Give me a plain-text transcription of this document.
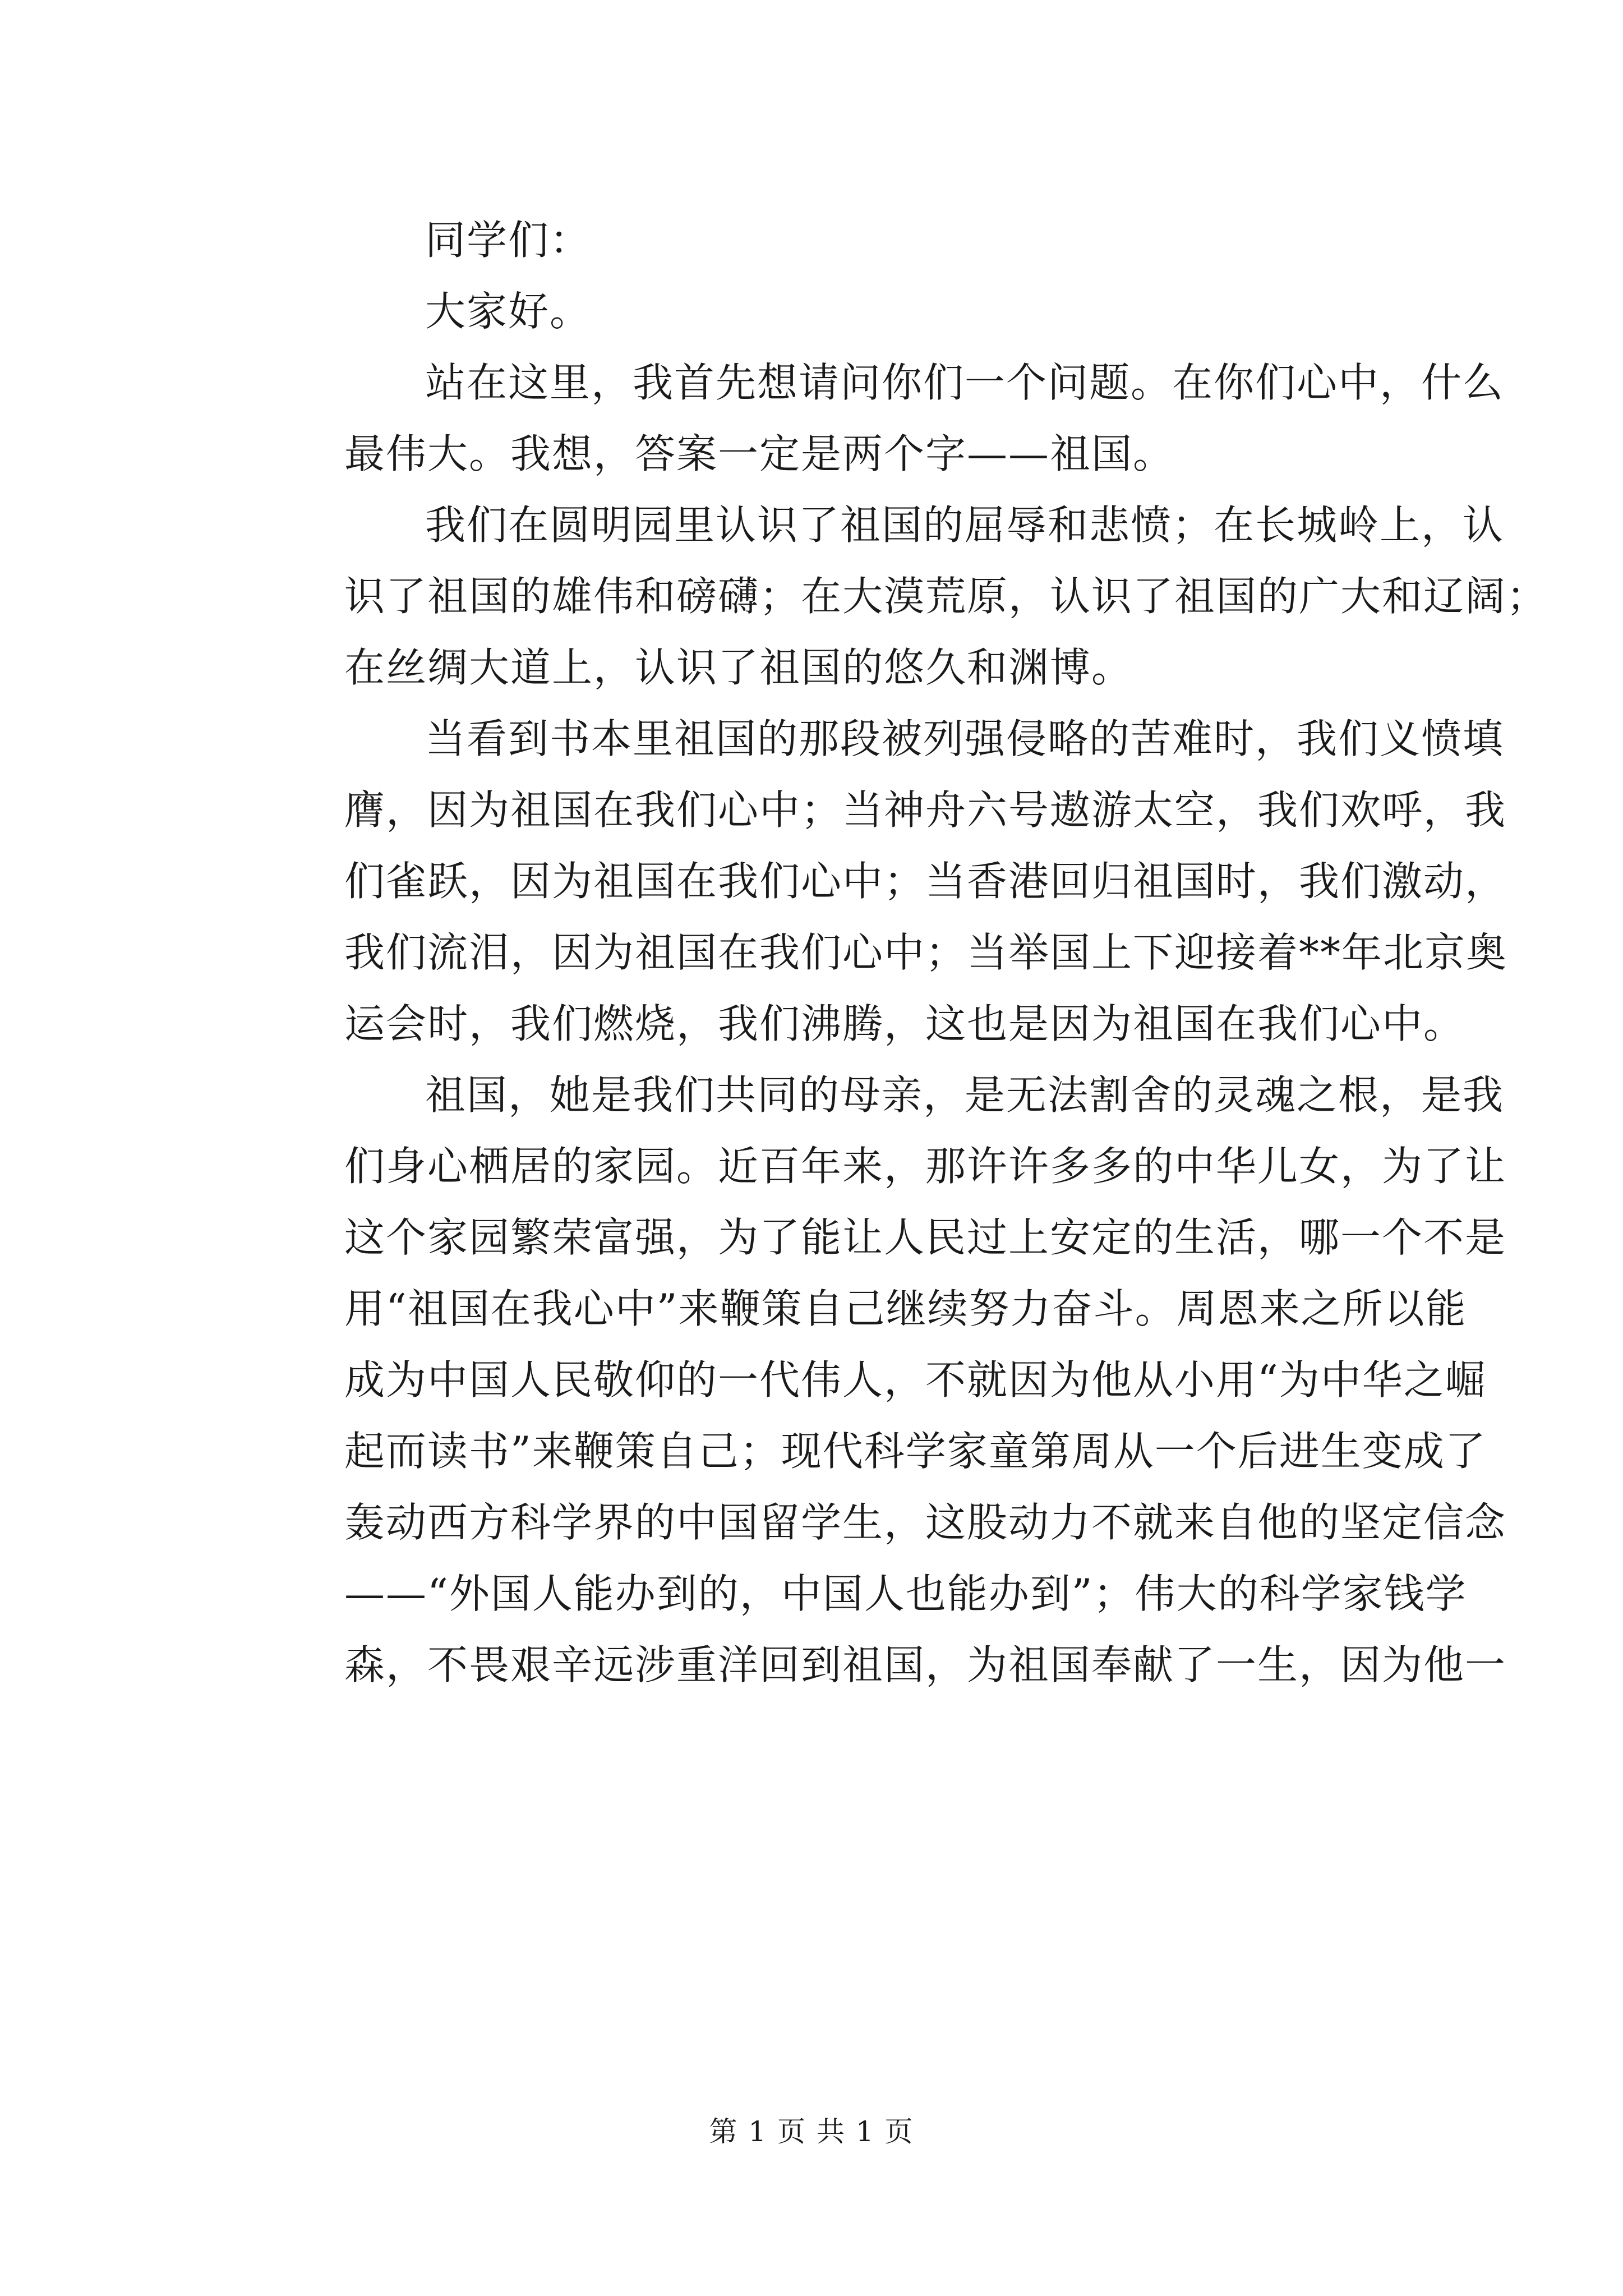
同学们：
大家好。
站在这里，我首先想请问你们一个问题。在你们心中，什么
最伟大。我想，答案一定是两个字——祖国。
我们在圆明园里认识了祖国的屈辱和悲愤；在长城岭上，认
识了祖国的雄伟和磅礴；在大漠荒原，认识了祖国的广大和辽阔；
在丝绸大道上，认识了祖国的悠久和渊博。
当看到书本里祖国的那段被列强侵略的苦难时，我们义愤填
膺，因为祖国在我们心中；当神舟六号遨游太空，我们欢呼，我
们雀跃，因为祖国在我们心中；当香港回归祖国时，我们激动，
我们流泪，因为祖国在我们心中；当举国上下迎接着**年北京奥
运会时，我们燃烧，我们沸腾，这也是因为祖国在我们心中。
祖国，她是我们共同的母亲，是无法割舍的灵魂之根，是我
们身心栖居的家园。近百年来，那许许多多的中华儿女，为了让
这个家园繁荣富强，为了能让人民过上安定的生活，哪一个不是
用“祖国在我心中”来鞭策自己继续努力奋斗。周恩来之所以能
成为中国人民敬仰的一代伟人，不就因为他从小用“为中华之崛
起而读书”来鞭策自己；现代科学家童第周从一个后进生变成了
轰动西方科学界的中国留学生，这股动力不就来自他的坚定信念
——“外国人能办到的，中国人也能办到”；伟大的科学家钱学
森，不畏艰辛远涉重洋回到祖国，为祖国奉献了一生，因为他一
第 1 页 共 1 页
